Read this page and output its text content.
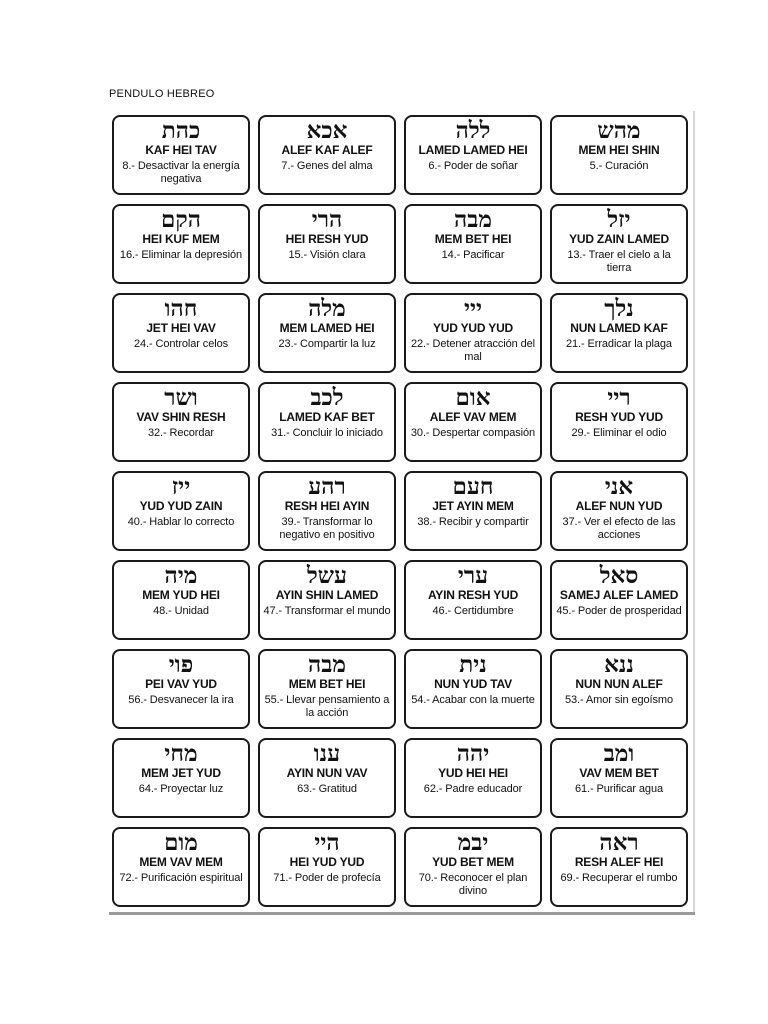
PENDULO HEBREO
כהת
KAF HEI TAV
8.- Desactivar la energía negativa
אכא
ALEF KAF ALEF
7.- Genes del alma
ללה
LAMED LAMED HEI
6.- Poder de soñar
מהש
MEM HEI SHIN
5.- Curación
הקם
HEI KUF MEM
16.- Eliminar la depresión
הרי
HEI RESH YUD
15.- Visión clara
מבה
MEM BET HEI
14.- Pacificar
יזל
YUD ZAIN LAMED
13.- Traer el cielo a la tierra
חהו
JET HEI VAV
24.- Controlar celos
מלה
MEM LAMED HEI
23.- Compartir la luz
ייי
YUD YUD YUD
22.- Detener atracción del mal
נלך
NUN LAMED KAF
21.- Erradicar la plaga
ושר
VAV SHIN RESH
32.- Recordar
לכב
LAMED KAF BET
31.- Concluir lo iniciado
אום
ALEF VAV MEM
30.- Despertar compasión
ריי
RESH YUD YUD
29.- Eliminar el odio
ייז
YUD YUD ZAIN
40.- Hablar lo correcto
רהע
RESH HEI AYIN
39.- Transformar lo negativo en positivo
חעם
JET AYIN MEM
38.- Recibir y compartir
אני
ALEF NUN YUD
37.- Ver el efecto de las acciones
מיה
MEM YUD HEI
48.- Unidad
עשל
AYIN SHIN LAMED
47.- Transformar el mundo
ערי
AYIN RESH YUD
46.- Certidumbre
סאל
SAMEJ ALEF LAMED
45.- Poder de prosperidad
פוי
PEI VAV YUD
56.- Desvanecer la ira
מבה
MEM BET HEI
55.- Llevar pensamiento a la acción
נית
NUN YUD TAV
54.- Acabar con la muerte
ננא
NUN NUN ALEF
53.- Amor sin egoísmo
מחי
MEM JET YUD
64.- Proyectar luz
ענו
AYIN NUN VAV
63.- Gratitud
יהה
YUD HEI HEI
62.- Padre educador
ומב
VAV MEM BET
61.- Purificar agua
מום
MEM VAV MEM
72.- Purificación espiritual
היי
HEI YUD YUD
71.- Poder de profecía
יבמ
YUD BET MEM
70.- Reconocer el plan divino
ראה
RESH ALEF HEI
69.- Recuperar el rumbo
